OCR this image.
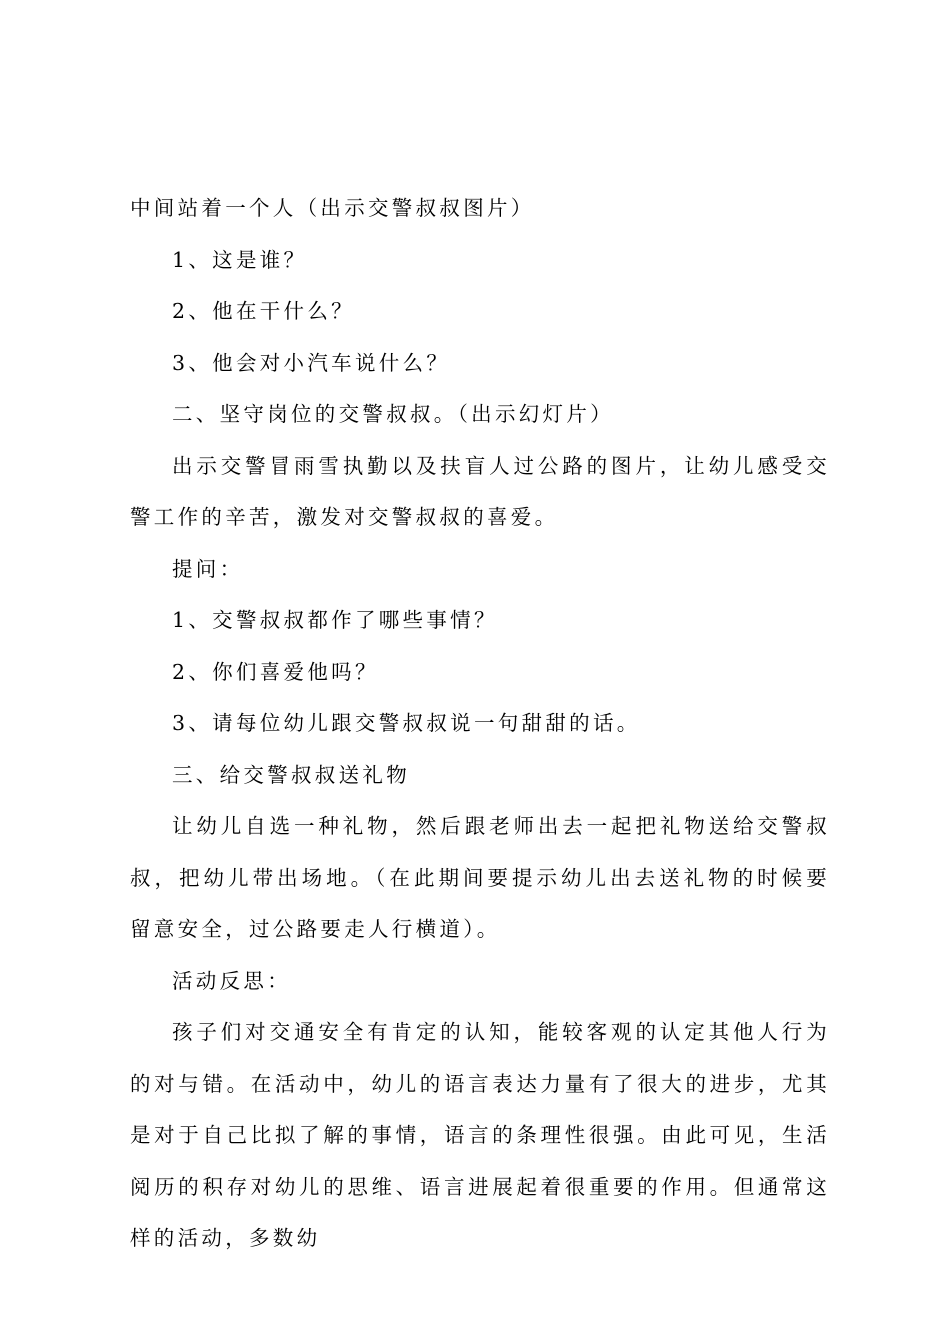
中间站着一个人（出示交警叔叔图片）

1、这是谁？

2、他在干什么？

3、他会对小汽车说什么？

二、坚守岗位的交警叔叔。（出示幻灯片）

出示交警冒雨雪执勤以及扶盲人过公路的图片，让幼儿感受交警工作的辛苦，激发对交警叔叔的喜爱。

提问：

1、交警叔叔都作了哪些事情？

2、你们喜爱他吗？

3、请每位幼儿跟交警叔叔说一句甜甜的话。

三、给交警叔叔送礼物

让幼儿自选一种礼物，然后跟老师出去一起把礼物送给交警叔叔，把幼儿带出场地。（在此期间要提示幼儿出去送礼物的时候要留意安全，过公路要走人行横道）。

活动反思：

孩子们对交通安全有肯定的认知，能较客观的认定其他人行为的对与错。在活动中，幼儿的语言表达力量有了很大的进步，尤其是对于自己比拟了解的事情，语言的条理性很强。由此可见，生活阅历的积存对幼儿的思维、语言进展起着很重要的作用。但通常这样的活动，多数幼
